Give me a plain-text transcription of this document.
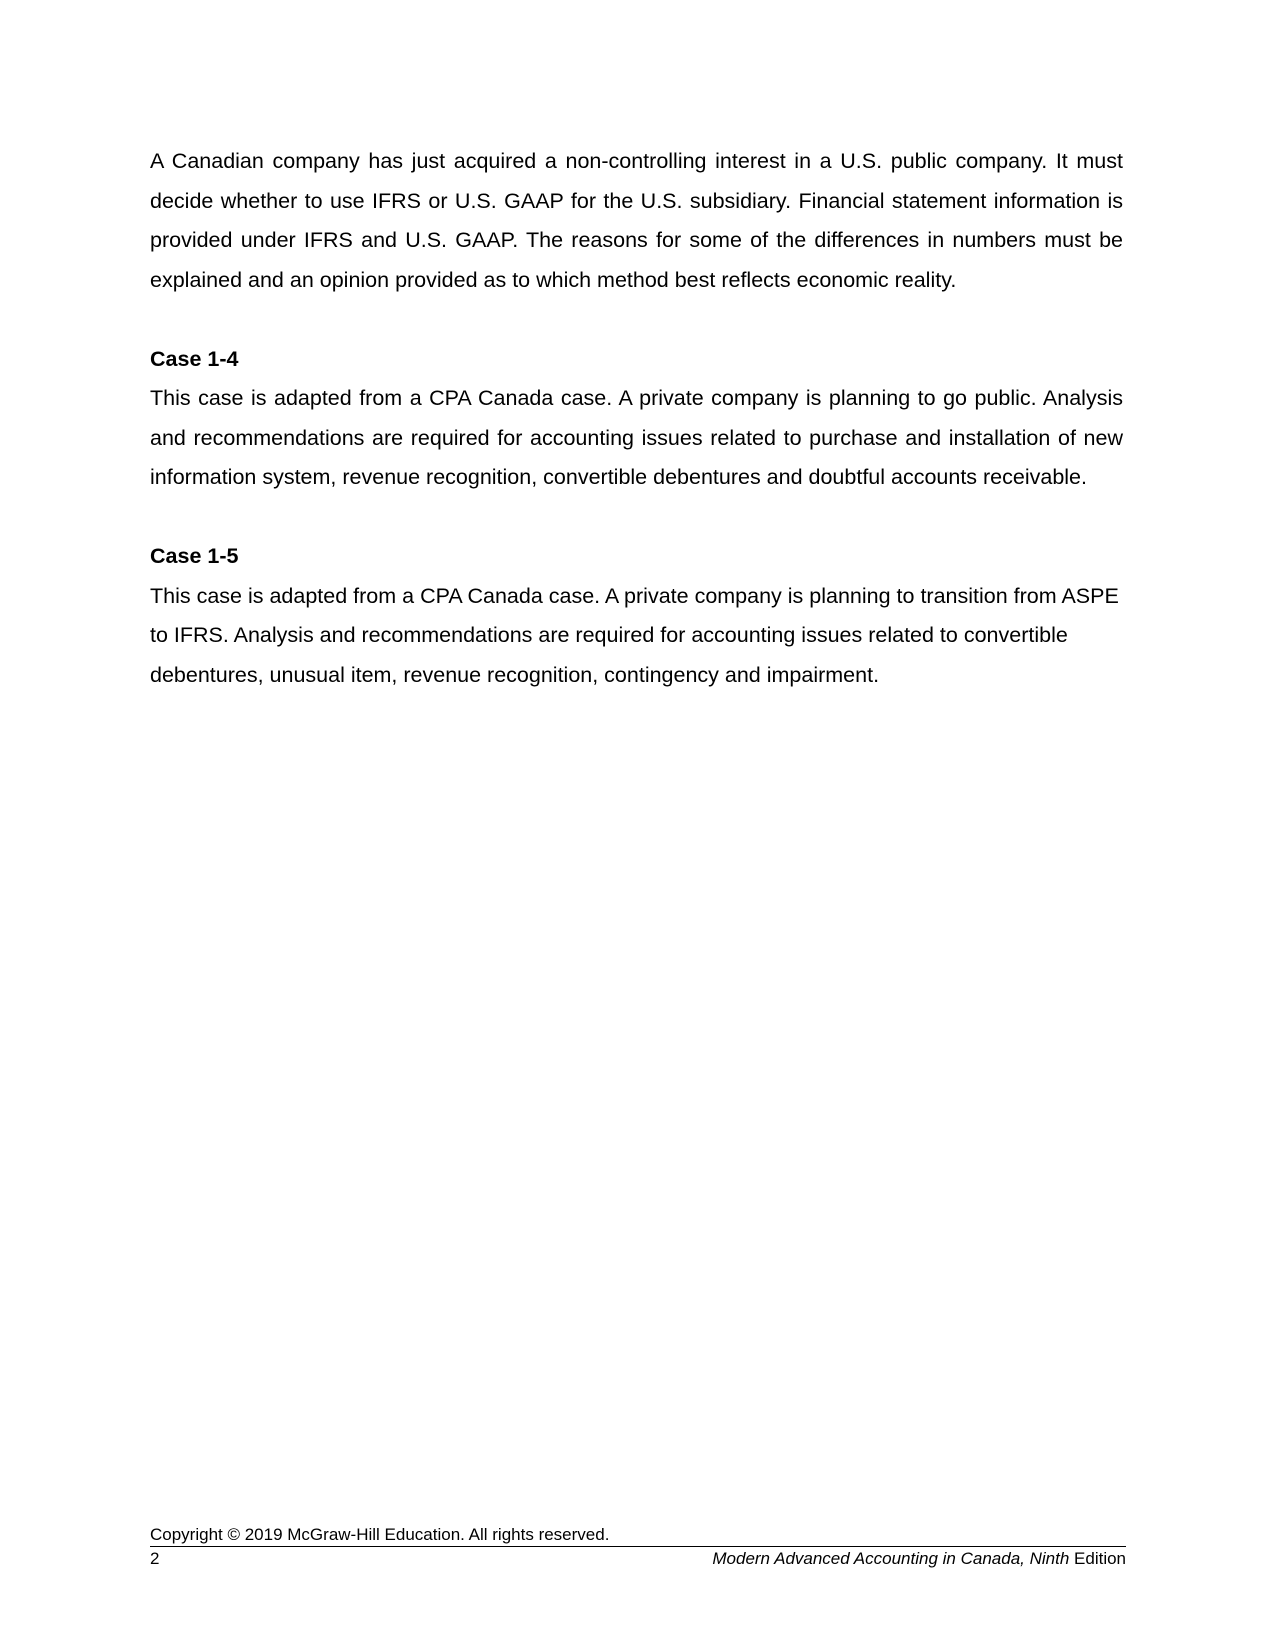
A Canadian company has just acquired a non-controlling interest in a U.S. public company. It must decide whether to use IFRS or U.S. GAAP for the U.S. subsidiary. Financial statement information is provided under IFRS and U.S. GAAP. The reasons for some of the differences in numbers must be explained and an opinion provided as to which method best reflects economic reality.

Case 1-4

This case is adapted from a CPA Canada case. A private company is planning to go public. Analysis and recommendations are required for accounting issues related to purchase and installation of new information system, revenue recognition, convertible debentures and doubtful accounts receivable.

Case 1-5

This case is adapted from a CPA Canada case. A private company is planning to transition from ASPE to IFRS. Analysis and recommendations are required for accounting issues related to convertible debentures, unusual item, revenue recognition, contingency and impairment.

Copyright © 2019 McGraw-Hill Education. All rights reserved.
2	Modern Advanced Accounting in Canada, Ninth Edition
